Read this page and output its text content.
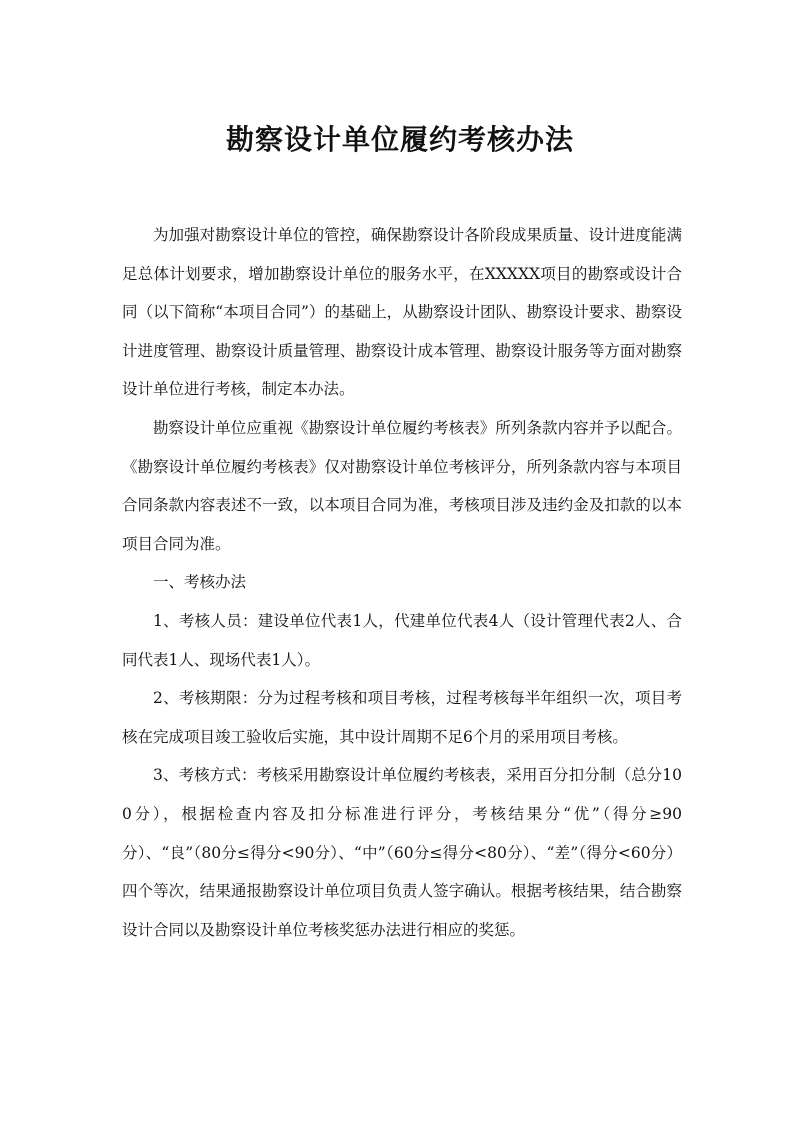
勘察设计单位履约考核办法

为加强对勘察设计单位的管控，确保勘察设计各阶段成果质量、设计进度能满足总体计划要求，增加勘察设计单位的服务水平，在XXXXX项目的勘察或设计合同（以下简称“本项目合同”）的基础上，从勘察设计团队、勘察设计要求、勘察设计进度管理、勘察设计质量管理、勘察设计成本管理、勘察设计服务等方面对勘察设计单位进行考核，制定本办法。

勘察设计单位应重视《勘察设计单位履约考核表》所列条款内容并予以配合。《勘察设计单位履约考核表》仅对勘察设计单位考核评分，所列条款内容与本项目合同条款内容表述不一致，以本项目合同为准，考核项目涉及违约金及扣款的以本项目合同为准。

一、考核办法

1、考核人员：建设单位代表1人，代建单位代表4人（设计管理代表2人、合同代表1人、现场代表1人）。

2、考核期限：分为过程考核和项目考核，过程考核每半年组织一次，项目考核在完成项目竣工验收后实施，其中设计周期不足6个月的采用项目考核。

3、考核方式：考核采用勘察设计单位履约考核表，采用百分扣分制（总分100分），根据检查内容及扣分标准进行评分，考核结果分“优”（得分≥90分）、“良”（80分≤得分<90分）、“中”（60分≤得分<80分）、“差”（得分<60分）四个等次，结果通报勘察设计单位项目负责人签字确认。根据考核结果，结合勘察设计合同以及勘察设计单位考核奖惩办法进行相应的奖惩。
